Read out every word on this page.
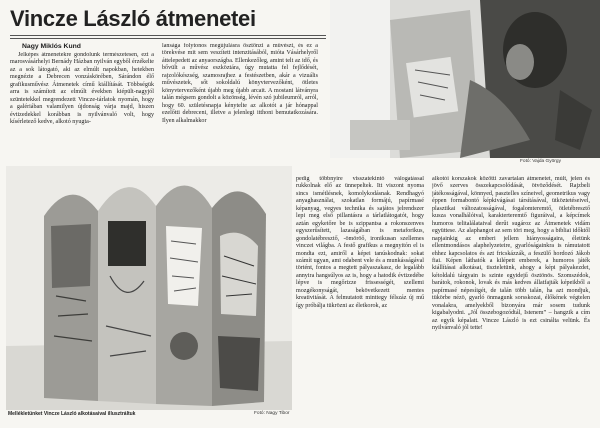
Vincze László átmenetei
Nagy Miklós Kund

Jelképes átmenetekre gondolunk természetesen, ezt a marosvásárhelyi Bernády Házban nyilván egyből érzékelte az a sok látogató, aki az elmúlt napokban, hetekben megnézte a Debrecen vonzáskörében, Sárándon élő grafikusművész Átmenetek című kiállítását. Többségük arra is számított az elmúlt években kiépült-nagyjól szüntetekkel megrendezett Vincze-tárlatok nyomán, hogy a galériában valamilyen újdonság várja majd, hiszen évtizedekkel korábban is nyilvánvaló volt, hogy kísérletező kedve, alkotó nyugta-

lansága folytonos megújulásra ösztönzi a művészt, és ez a törekvése mit sem veszített intenzitásából, mióta Vásárhelyről áttelepedett az anyaországba. Ellenkezőleg, amint telt az idő, és bővült a művész eszköztára, úgy mutatta fel fejlődését, rajzolókészség, szamosrajhez a festészetben, akár a vizuális művészetek, sőt sokoldalú könyvtervezőként, ötletes könyvtervezőként újabb meg újabb arcait. A mostani látványra talán mégsem gondolt a közönség, lévén szó jubileumról, arról, hogy 60. születésnapja kénytelte az alkotót a jár hónappal ezelőtti debreceni, illetve a jelenlegi itthoni bemutatkozására. Ilyen alkalmakkor

Fotó: Vajda György
Mellékletünket Vincze László alkotásaival illusztráltuk	Fotó: Nagy Tibor

pedig többnyire visszatekintő válogatással rukkolnak elő az ünnepeltek. Itt viszont nyoma sincs ismétlésnek, komolykodásnak. Rendhagyó anyaghasználat, szokatlan formájú, papírmasé képanyag, vegyes technika és sajátos jelrendszer lepi meg első pillantásra a tárlatlátogatót, hogy aztán egyketőre be is szippantsa a rokonszenves egyszerűsített, lazaságában is metaforikus, gondolatébresztő, -ömöröő, ironikusan szellemes vinczei világba. A festő grafikus a megnyitón el is mondta ezt, amiről a képei tanúskodnak: sokat számít ugyan, ami odabent vele és a munkásságával történt, fontos a megtett pályaszakasz, de legalább annyira hangsúlyos az is, hogy a hatodik évtizedébe lépve is megőrizze frissességét, szellemi mozgékonyságát, bekövetkezett mentes kreativitását. A felmutatott minttegy félszáz új mű így próbálja tükrözni az életkorok, az

alkotói korszakok közötti zavartalan átmenetet, múlt, jelen és jövő szerves összekapcsolódását, ötvöződését. Rajzbeli játékosságával, könnyed, pasztelles színeivel, geometrikus vagy éppen formabontó képkivágásai társításával, ütköztetéseivel, plasztikai változatosságával, fogalomteremtő, ötletébresztő kusza vonalhálóival, karakterteremtő figuráival, a képcímek humoros telitalálataival derűt sugároz az Átmenetek vidám együttese. Az alaphangot az sem töri meg, hogy a bibliai időktől napjainkig az emberi jellem hiányosságaira, életünk ellentmondásos alaphelyzeteire, gyarlóságainkra is rámutatott ehhez kapcsolatos és azt fricskázzák, a feszülő hordozó Jákob fiai. Képen láthatók a kilépett emberek, a humoros játék kiállításai alkotásai, tiszteletünk, ahogy a képi pályakezdet, kétoldalú tárgyain is szinte egyidejű ösztönös. Szomszédok, barátok, rokonok, lovak és más kedves állatfajták képeikből a papírmasé népesíigét, de talán több talán, ha azt mondjuk, tükörbe nézö, gyarló önmagunk sorsskozai, élőkének végtelen vonalakra, amelyekből bizonyára már sosem tudunk kigabalyodni. „Jól összebogozódtál, Istenem” – hangzik a cím az egyik képalatt. Vincze László is ezt csinálta velünk. És nyilvánvaló jól tette!
